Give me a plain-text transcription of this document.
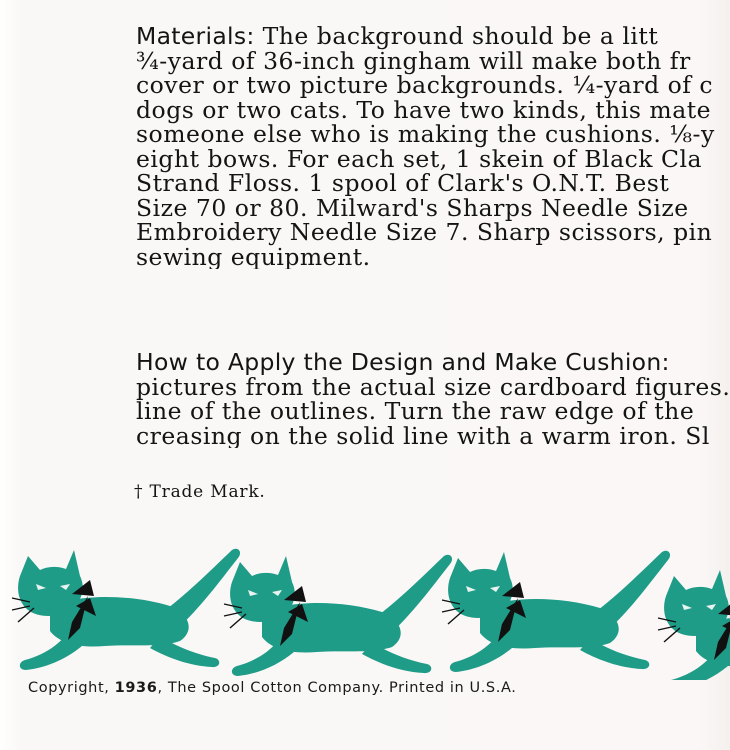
Materials: The background should be a litt
¾-yard of 36-inch gingham will make both fr
cover or two picture backgrounds. ¼-yard of c
dogs or two cats. To have two kinds, this mate
someone else who is making the cushions. ⅛-y
eight bows. For each set, 1 skein of Black Cla
Strand Floss. 1 spool of Clark's O.N.T. Best
Size 70 or 80. Milward's Sharps Needle Size
Embroidery Needle Size 7. Sharp scissors, pin
sewing equipment.
How to Apply the Design and Make Cushion:
pictures from the actual size cardboard figures.
line of the outlines. Turn the raw edge of the
creasing on the solid line with a warm iron. Sl
† Trade Mark.
Copyright, 1936, The Spool Cotton Company. Printed in U.S.A.
